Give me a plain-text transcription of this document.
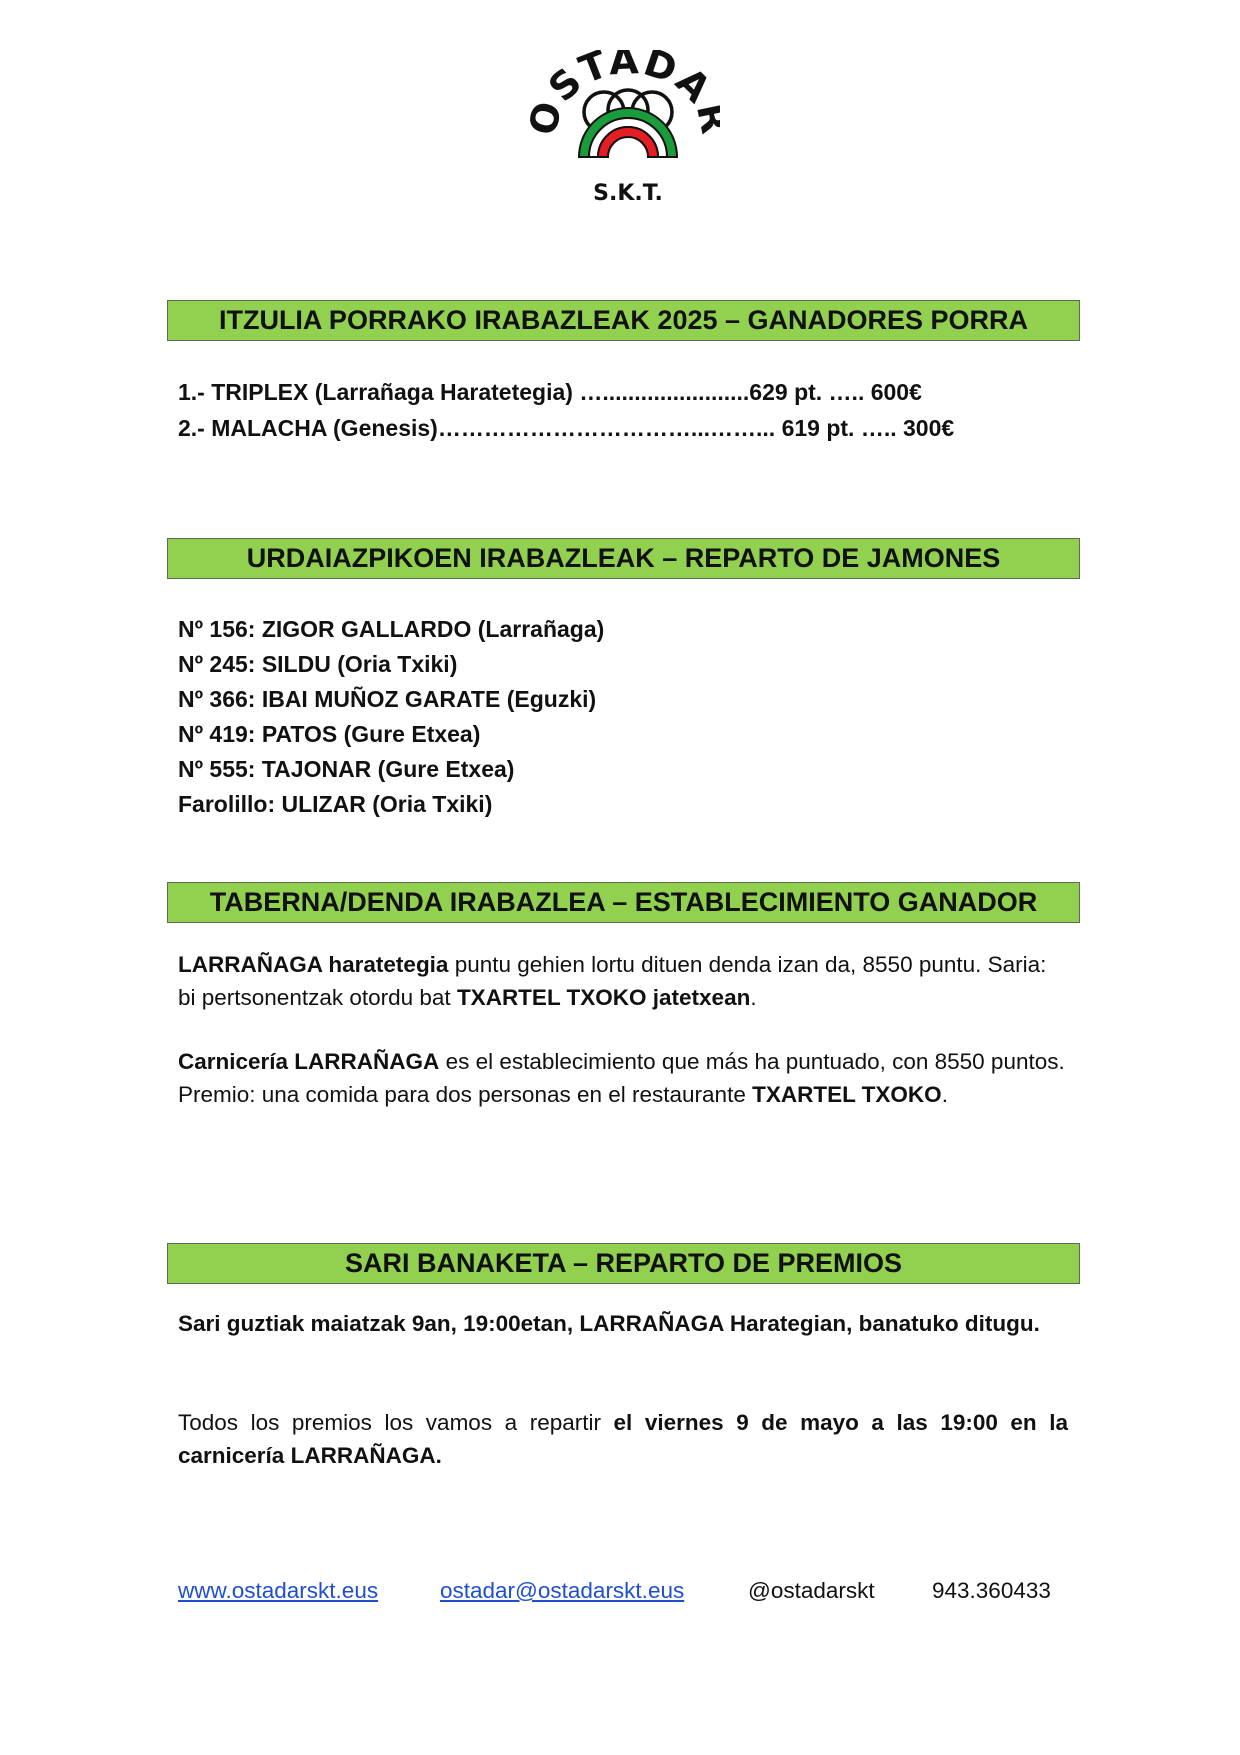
STADA
S.K.T.
ITZULIA PORRAKO IRABAZLEAK 2025 – GANADORES PORRA
1.- TRIPLEX (Larrañaga Haratetegia) ….......................629 pt. ….. 600€
2.- MALACHA (Genesis)……………………………...……... 619 pt. ….. 300€
URDAIAZPIKOEN IRABAZLEAK – REPARTO DE JAMONES
Nº 156: ZIGOR GALLARDO (Larrañaga)
Nº 245: SILDU (Oria Txiki)
Nº 366: IBAI MUÑOZ GARATE (Eguzki)
Nº 419: PATOS (Gure Etxea)
Nº 555: TAJONAR (Gure Etxea)
Farolillo: ULIZAR (Oria Txiki)
TABERNA/DENDA IRABAZLEA – ESTABLECIMIENTO GANADOR
LARRAÑAGA haratetegia puntu gehien lortu dituen denda izan da, 8550 puntu. Saria: bi pertsonentzak otordu bat TXARTEL TXOKO jatetxean.
Carnicería LARRAÑAGA es el establecimiento que más ha puntuado, con 8550 puntos. Premio: una comida para dos personas en el restaurante TXARTEL TXOKO.
SARI BANAKETA – REPARTO DE PREMIOS
Sari guztiak maiatzak 9an, 19:00etan, LARRAÑAGA Harategian, banatuko ditugu.
Todos los premios los vamos a repartir el viernes 9 de mayo a las 19:00 en la carnicería LARRAÑAGA.
www.ostadarskt.eus	ostadar@ostadarskt.eus	@ostadarskt	943.360433
